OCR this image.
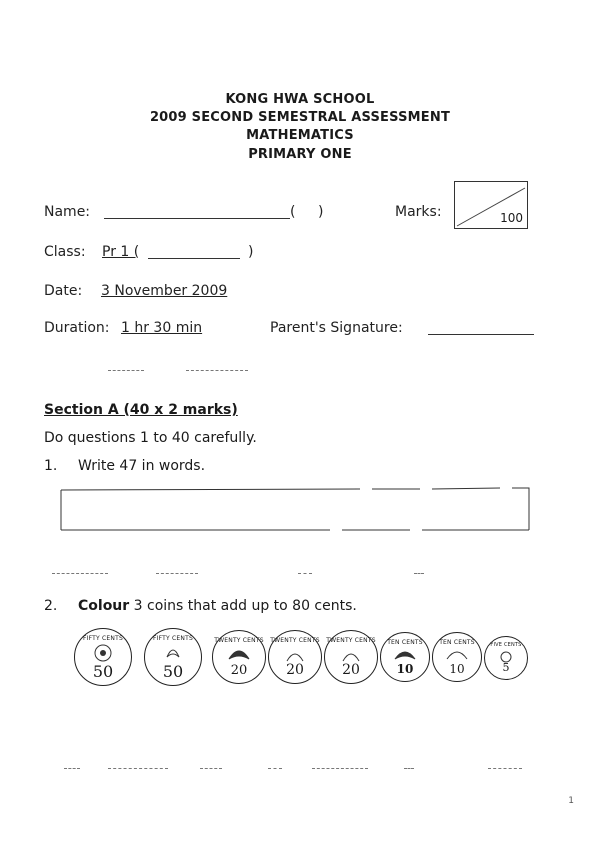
KONG HWA SCHOOL
2009 SECOND SEMESTRAL ASSESSMENT
MATHEMATICS
PRIMARY ONE
Name:	( )	Marks:	100
Class: Pr 1 (	)
Date: 3 November 2009
Duration: 1 hr 30 min	Parent's Signature:
Section A (40 x 2 marks)
Do questions 1 to 40 carefully.
1. Write 47 in words.
2. Colour 3 coins that add up to 80 cents.
FIFTY CENTS
50
FIFTY CENTS
50
TWENTY CENTS
20
TWENTY CENTS
20
TWENTY CENTS
20
TEN CENTS
10
TEN CENTS
10
FIVE CENTS
5
1
